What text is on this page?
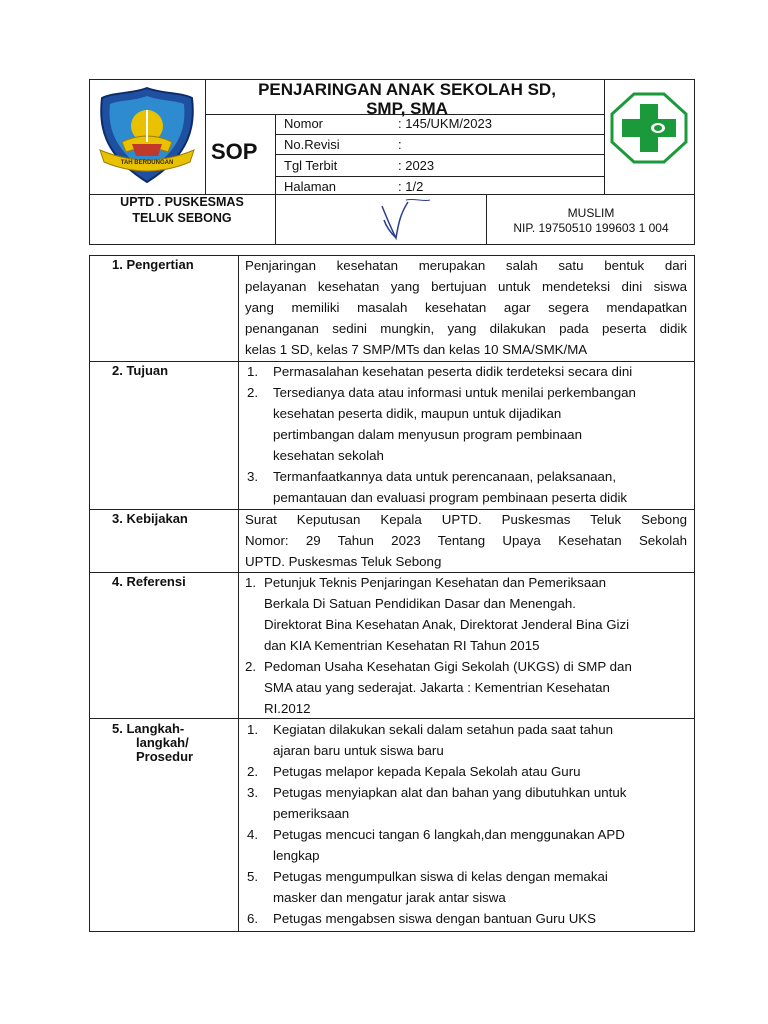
TAH BERDUNGAN
PENJARINGAN ANAK SEKOLAH SD,
SMP, SMA
SOP
Nomor	: 145/UKM/2023
No.Revisi	:
Tgl Terbit	: 2023
Halaman	: 1/2
UPTD . PUSKESMAS
TELUK SEBONG	MUSLIM
NIP. 19750510 199603 1 004
1. Pengertian	Penjaringan kesehatan merupakan salah satu bentuk dari
pelayanan kesehatan yang bertujuan untuk mendeteksi dini siswa
yang memiliki masalah kesehatan agar segera mendapatkan
penanganan sedini mungkin, yang dilakukan pada peserta didik
kelas 1 SD, kelas 7 SMP/MTs dan kelas 10 SMA/SMK/MA
2. Tujuan	1. Permasalahan kesehatan peserta didik terdeteksi secara dini
2. Tersedianya data atau informasi untuk menilai perkembangan
kesehatan peserta didik, maupun untuk dijadikan
pertimbangan dalam menyusun program pembinaan
kesehatan sekolah
3. Termanfaatkannya data untuk perencanaan, pelaksanaan,
pemantauan dan evaluasi program pembinaan peserta didik
3. Kebijakan	Surat Keputusan Kepala UPTD. Puskesmas Teluk Sebong
Nomor: 29 Tahun 2023 Tentang Upaya Kesehatan Sekolah
UPTD. Puskesmas Teluk Sebong
4. Referensi	1. Petunjuk Teknis Penjaringan Kesehatan dan Pemeriksaan
Berkala Di Satuan Pendidikan Dasar dan Menengah.
Direktorat Bina Kesehatan Anak, Direktorat Jenderal Bina Gizi
dan KIA Kementrian Kesehatan RI Tahun 2015
2. Pedoman Usaha Kesehatan Gigi Sekolah (UKGS) di SMP dan
SMA atau yang sederajat. Jakarta : Kementrian Kesehatan
RI.2012
5. Langkah-
langkah/
Prosedur
1. Kegiatan dilakukan sekali dalam setahun pada saat tahun
ajaran baru untuk siswa baru
2. Petugas melapor kepada Kepala Sekolah atau Guru
3. Petugas menyiapkan alat dan bahan yang dibutuhkan untuk
pemeriksaan
4. Petugas mencuci tangan 6 langkah,dan menggunakan APD
lengkap
5. Petugas mengumpulkan siswa di kelas dengan memakai
masker dan mengatur jarak antar siswa
6. Petugas mengabsen siswa dengan bantuan Guru UKS
